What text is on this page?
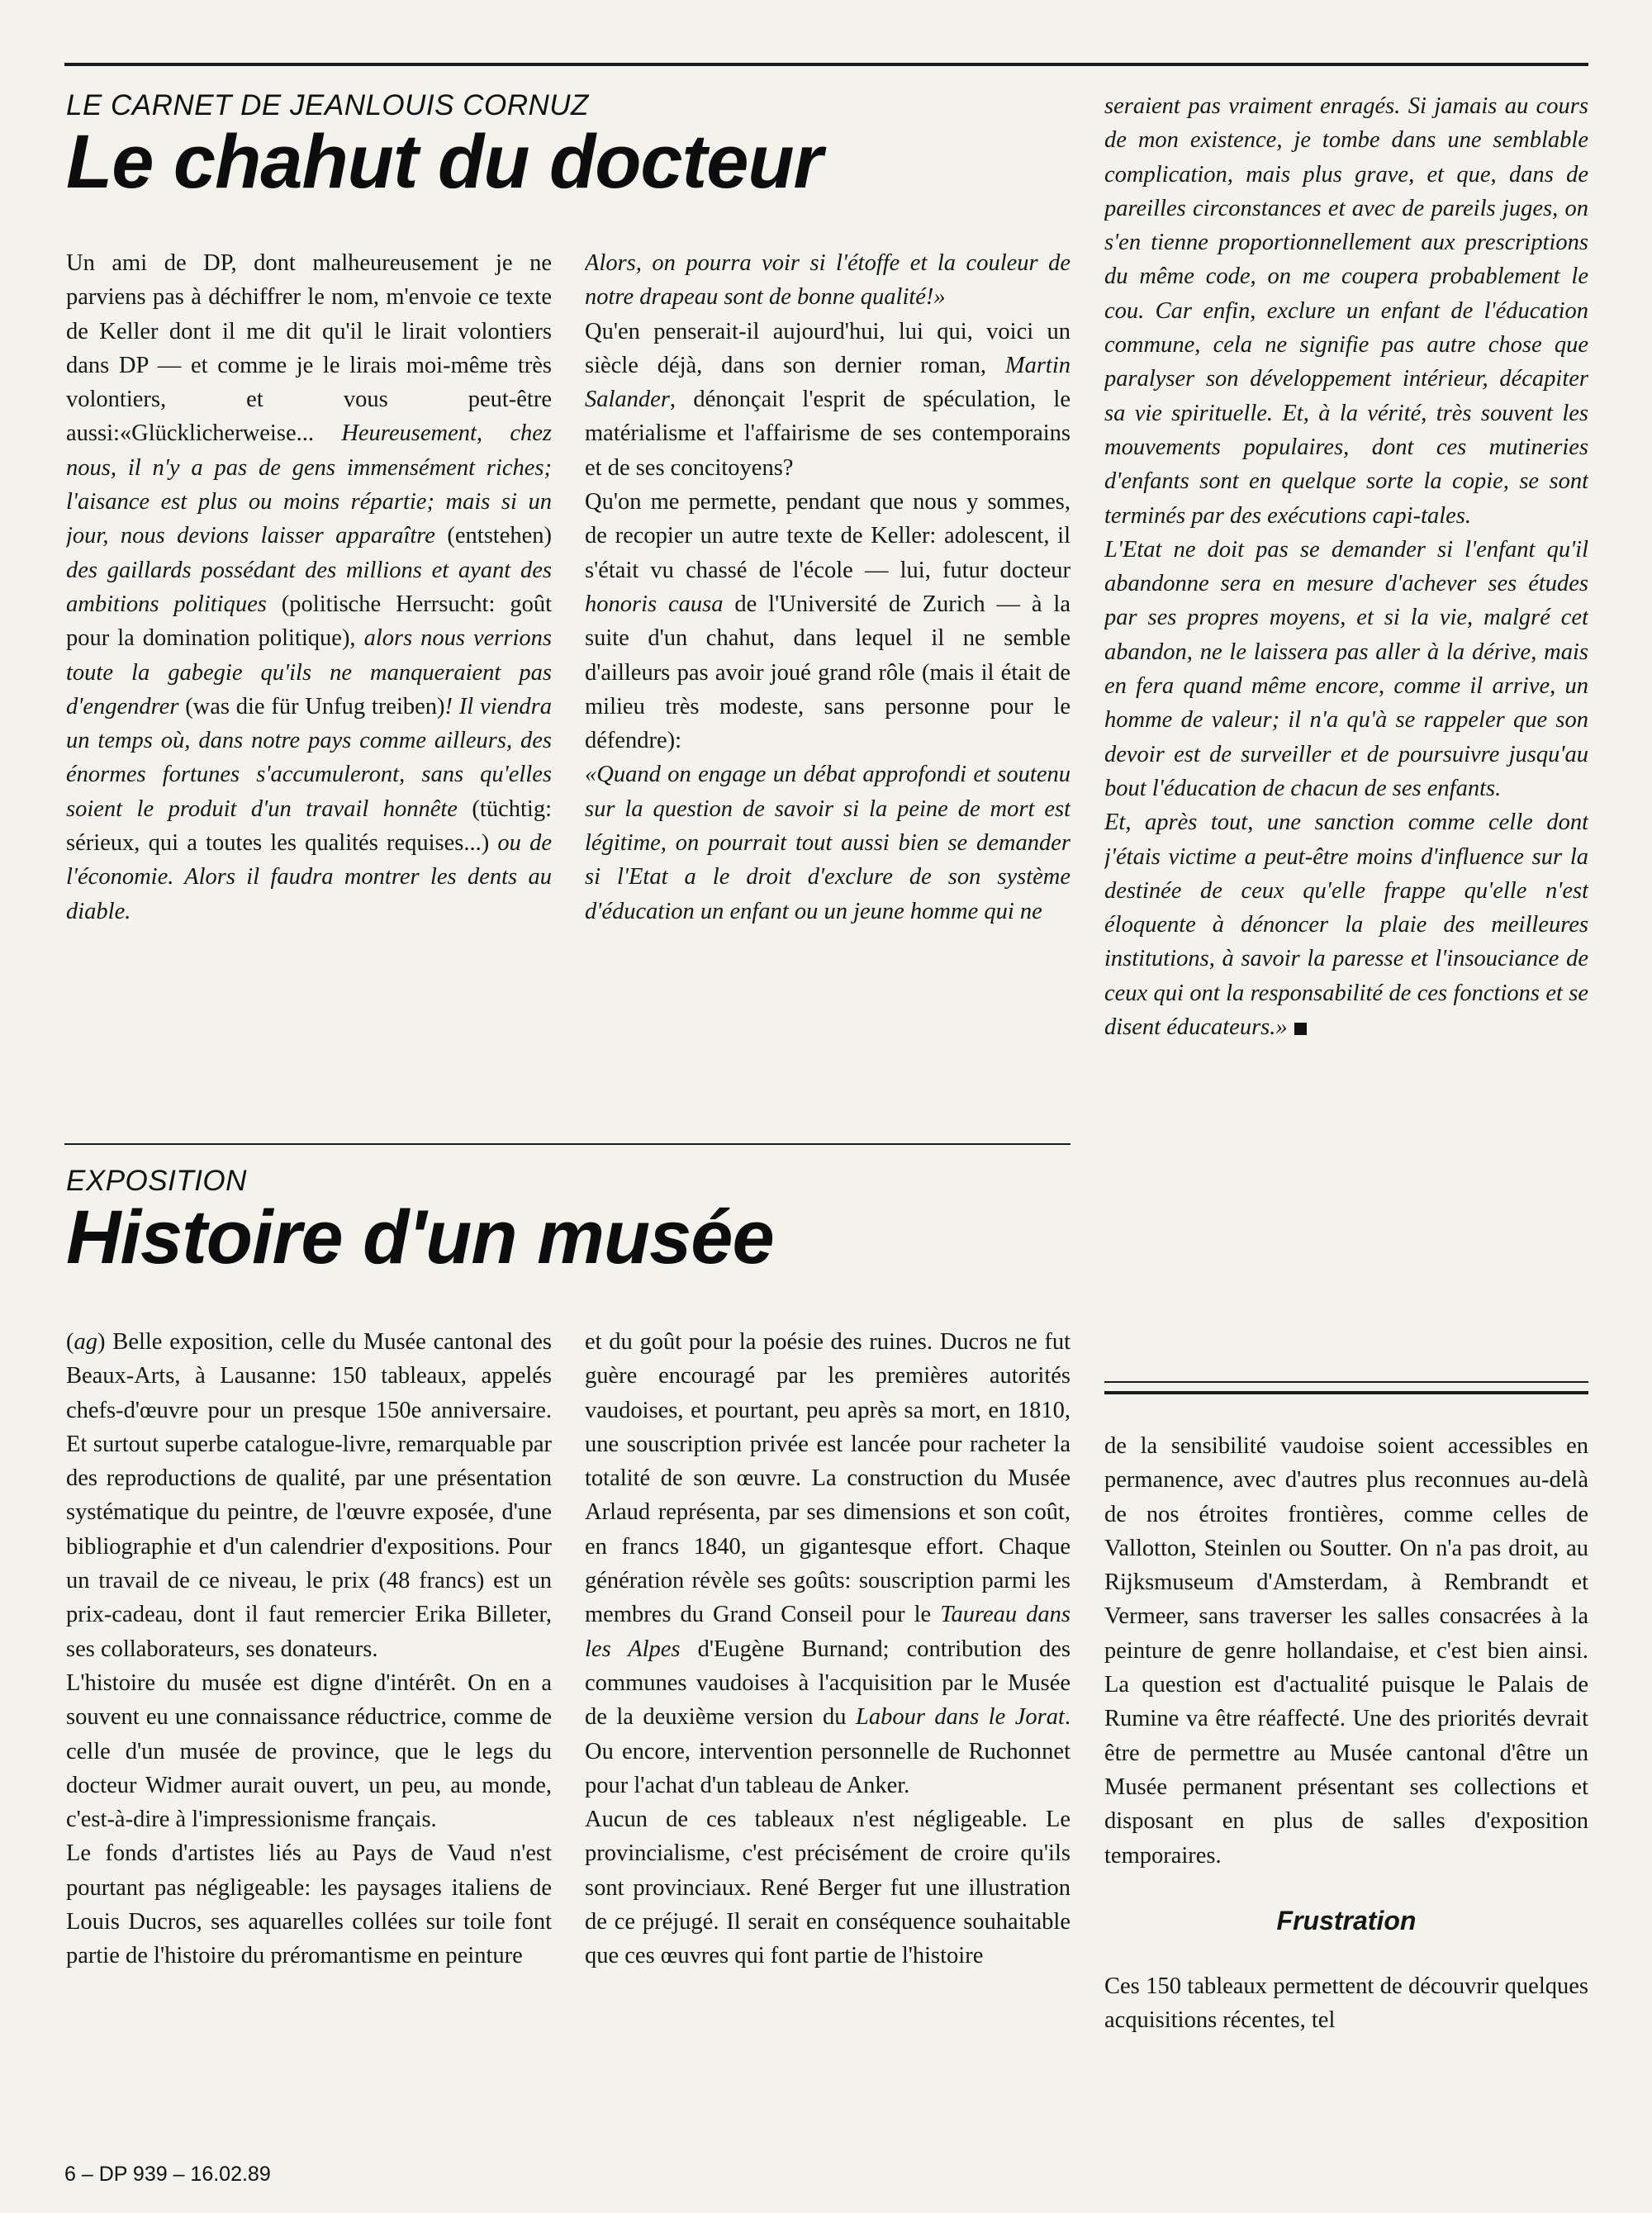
LE CARNET DE JEANLOUIS CORNUZ

Le chahut du docteur

Un ami de DP, dont malheureusement je ne parviens pas à déchiffrer le nom, m'envoie ce texte de Keller dont il me dit qu'il le lirait volontiers dans DP — et comme je le lirais moi-même très volontiers, et vous peut-être aussi:«Glücklicherweise... Heureusement, chez nous, il n'y a pas de gens immensément riches; l'aisance est plus ou moins répartie; mais si un jour, nous devions laisser apparaître (entstehen) des gaillards possédant des millions et ayant des ambitions politiques (politische Herrsucht: goût pour la domination politique), alors nous verrions toute la gabegie qu'ils ne manqueraient pas d'engendrer (was die für Unfug treiben)! Il viendra un temps où, dans notre pays comme ailleurs, des énormes fortunes s'accumuleront, sans qu'elles soient le produit d'un travail honnête (tüchtig: sérieux, qui a toutes les qualités requises...) ou de l'économie. Alors il faudra montrer les dents au diable.

Alors, on pourra voir si l'étoffe et la couleur de notre drapeau sont de bonne qualité!»

Qu'en penserait-il aujourd'hui, lui qui, voici un siècle déjà, dans son dernier roman, Martin Salander, dénonçait l'esprit de spéculation, le matérialisme et l'affairisme de ses contemporains et de ses concitoyens?

Qu'on me permette, pendant que nous y sommes, de recopier un autre texte de Keller: adolescent, il s'était vu chassé de l'école — lui, futur docteur honoris causa de l'Université de Zurich — à la suite d'un chahut, dans lequel il ne semble d'ailleurs pas avoir joué grand rôle (mais il était de milieu très modeste, sans personne pour le défendre):

«Quand on engage un débat approfondi et soutenu sur la question de savoir si la peine de mort est légitime, on pourrait tout aussi bien se demander si l'Etat a le droit d'exclure de son système d'éducation un enfant ou un jeune homme qui ne

seraient pas vraiment enragés. Si jamais au cours de mon existence, je tombe dans une semblable complication, mais plus grave, et que, dans de pareilles circonstances et avec de pareils juges, on s'en tienne proportionnellement aux prescriptions du même code, on me coupera probablement le cou. Car enfin, exclure un enfant de l'éducation commune, cela ne signifie pas autre chose que paralyser son développement intérieur, décapiter sa vie spirituelle. Et, à la vérité, très souvent les mouvements populaires, dont ces mutineries d'enfants sont en quelque sorte la copie, se sont terminés par des exécutions capi-tales.

L'Etat ne doit pas se demander si l'enfant qu'il abandonne sera en mesure d'achever ses études par ses propres moyens, et si la vie, malgré cet abandon, ne le laissera pas aller à la dérive, mais en fera quand même encore, comme il arrive, un homme de valeur; il n'a qu'à se rappeler que son devoir est de surveiller et de poursuivre jusqu'au bout l'éducation de chacun de ses enfants.

Et, après tout, une sanction comme celle dont j'étais victime a peut-être moins d'influence sur la destinée de ceux qu'elle frappe qu'elle n'est éloquente à dénoncer la plaie des meilleures institutions, à savoir la paresse et l'insouciance de ceux qui ont la responsabilité de ces fonctions et se disent éducateurs.»

EXPOSITION

Histoire d'un musée

(ag) Belle exposition, celle du Musée cantonal des Beaux-Arts, à Lausanne: 150 tableaux, appelés chefs-d'œuvre pour un presque 150e anniversaire. Et surtout superbe catalogue-livre, remarquable par des reproductions de qualité, par une présentation systématique du peintre, de l'œuvre exposée, d'une bibliographie et d'un calendrier d'expositions. Pour un travail de ce niveau, le prix (48 francs) est un prix-cadeau, dont il faut remercier Erika Billeter, ses collaborateurs, ses donateurs.

L'histoire du musée est digne d'intérêt. On en a souvent eu une connaissance réductrice, comme de celle d'un musée de province, que le legs du docteur Widmer aurait ouvert, un peu, au monde, c'est-à-dire à l'impressionisme français.

Le fonds d'artistes liés au Pays de Vaud n'est pourtant pas négligeable: les paysages italiens de Louis Ducros, ses aquarelles collées sur toile font partie de l'histoire du préromantisme en peinture

et du goût pour la poésie des ruines. Ducros ne fut guère encouragé par les premières autorités vaudoises, et pourtant, peu après sa mort, en 1810, une souscription privée est lancée pour racheter la totalité de son œuvre. La construction du Musée Arlaud représenta, par ses dimensions et son coût, en francs 1840, un gigantesque effort. Chaque génération révèle ses goûts: souscription parmi les membres du Grand Conseil pour le Taureau dans les Alpes d'Eugène Burnand; contribution des communes vaudoises à l'acquisition par le Musée de la deuxième version du Labour dans le Jorat. Ou encore, intervention personnelle de Ruchonnet pour l'achat d'un tableau de Anker.

Aucun de ces tableaux n'est négligeable. Le provincialisme, c'est précisément de croire qu'ils sont provinciaux. René Berger fut une illustration de ce préjugé. Il serait en conséquence souhaitable que ces œuvres qui font partie de l'histoire

de la sensibilité vaudoise soient accessibles en permanence, avec d'autres plus reconnues au-delà de nos étroites frontières, comme celles de Vallotton, Steinlen ou Soutter. On n'a pas droit, au Rijksmuseum d'Amsterdam, à Rembrandt et Vermeer, sans traverser les salles consacrées à la peinture de genre hollandaise, et c'est bien ainsi. La question est d'actualité puisque le Palais de Rumine va être réaffecté. Une des priorités devrait être de permettre au Musée cantonal d'être un Musée permanent présentant ses collections et disposant en plus de salles d'exposition temporaires.

Frustration

Ces 150 tableaux permettent de découvrir quelques acquisitions récentes, tel

6 – DP 939 – 16.02.89
